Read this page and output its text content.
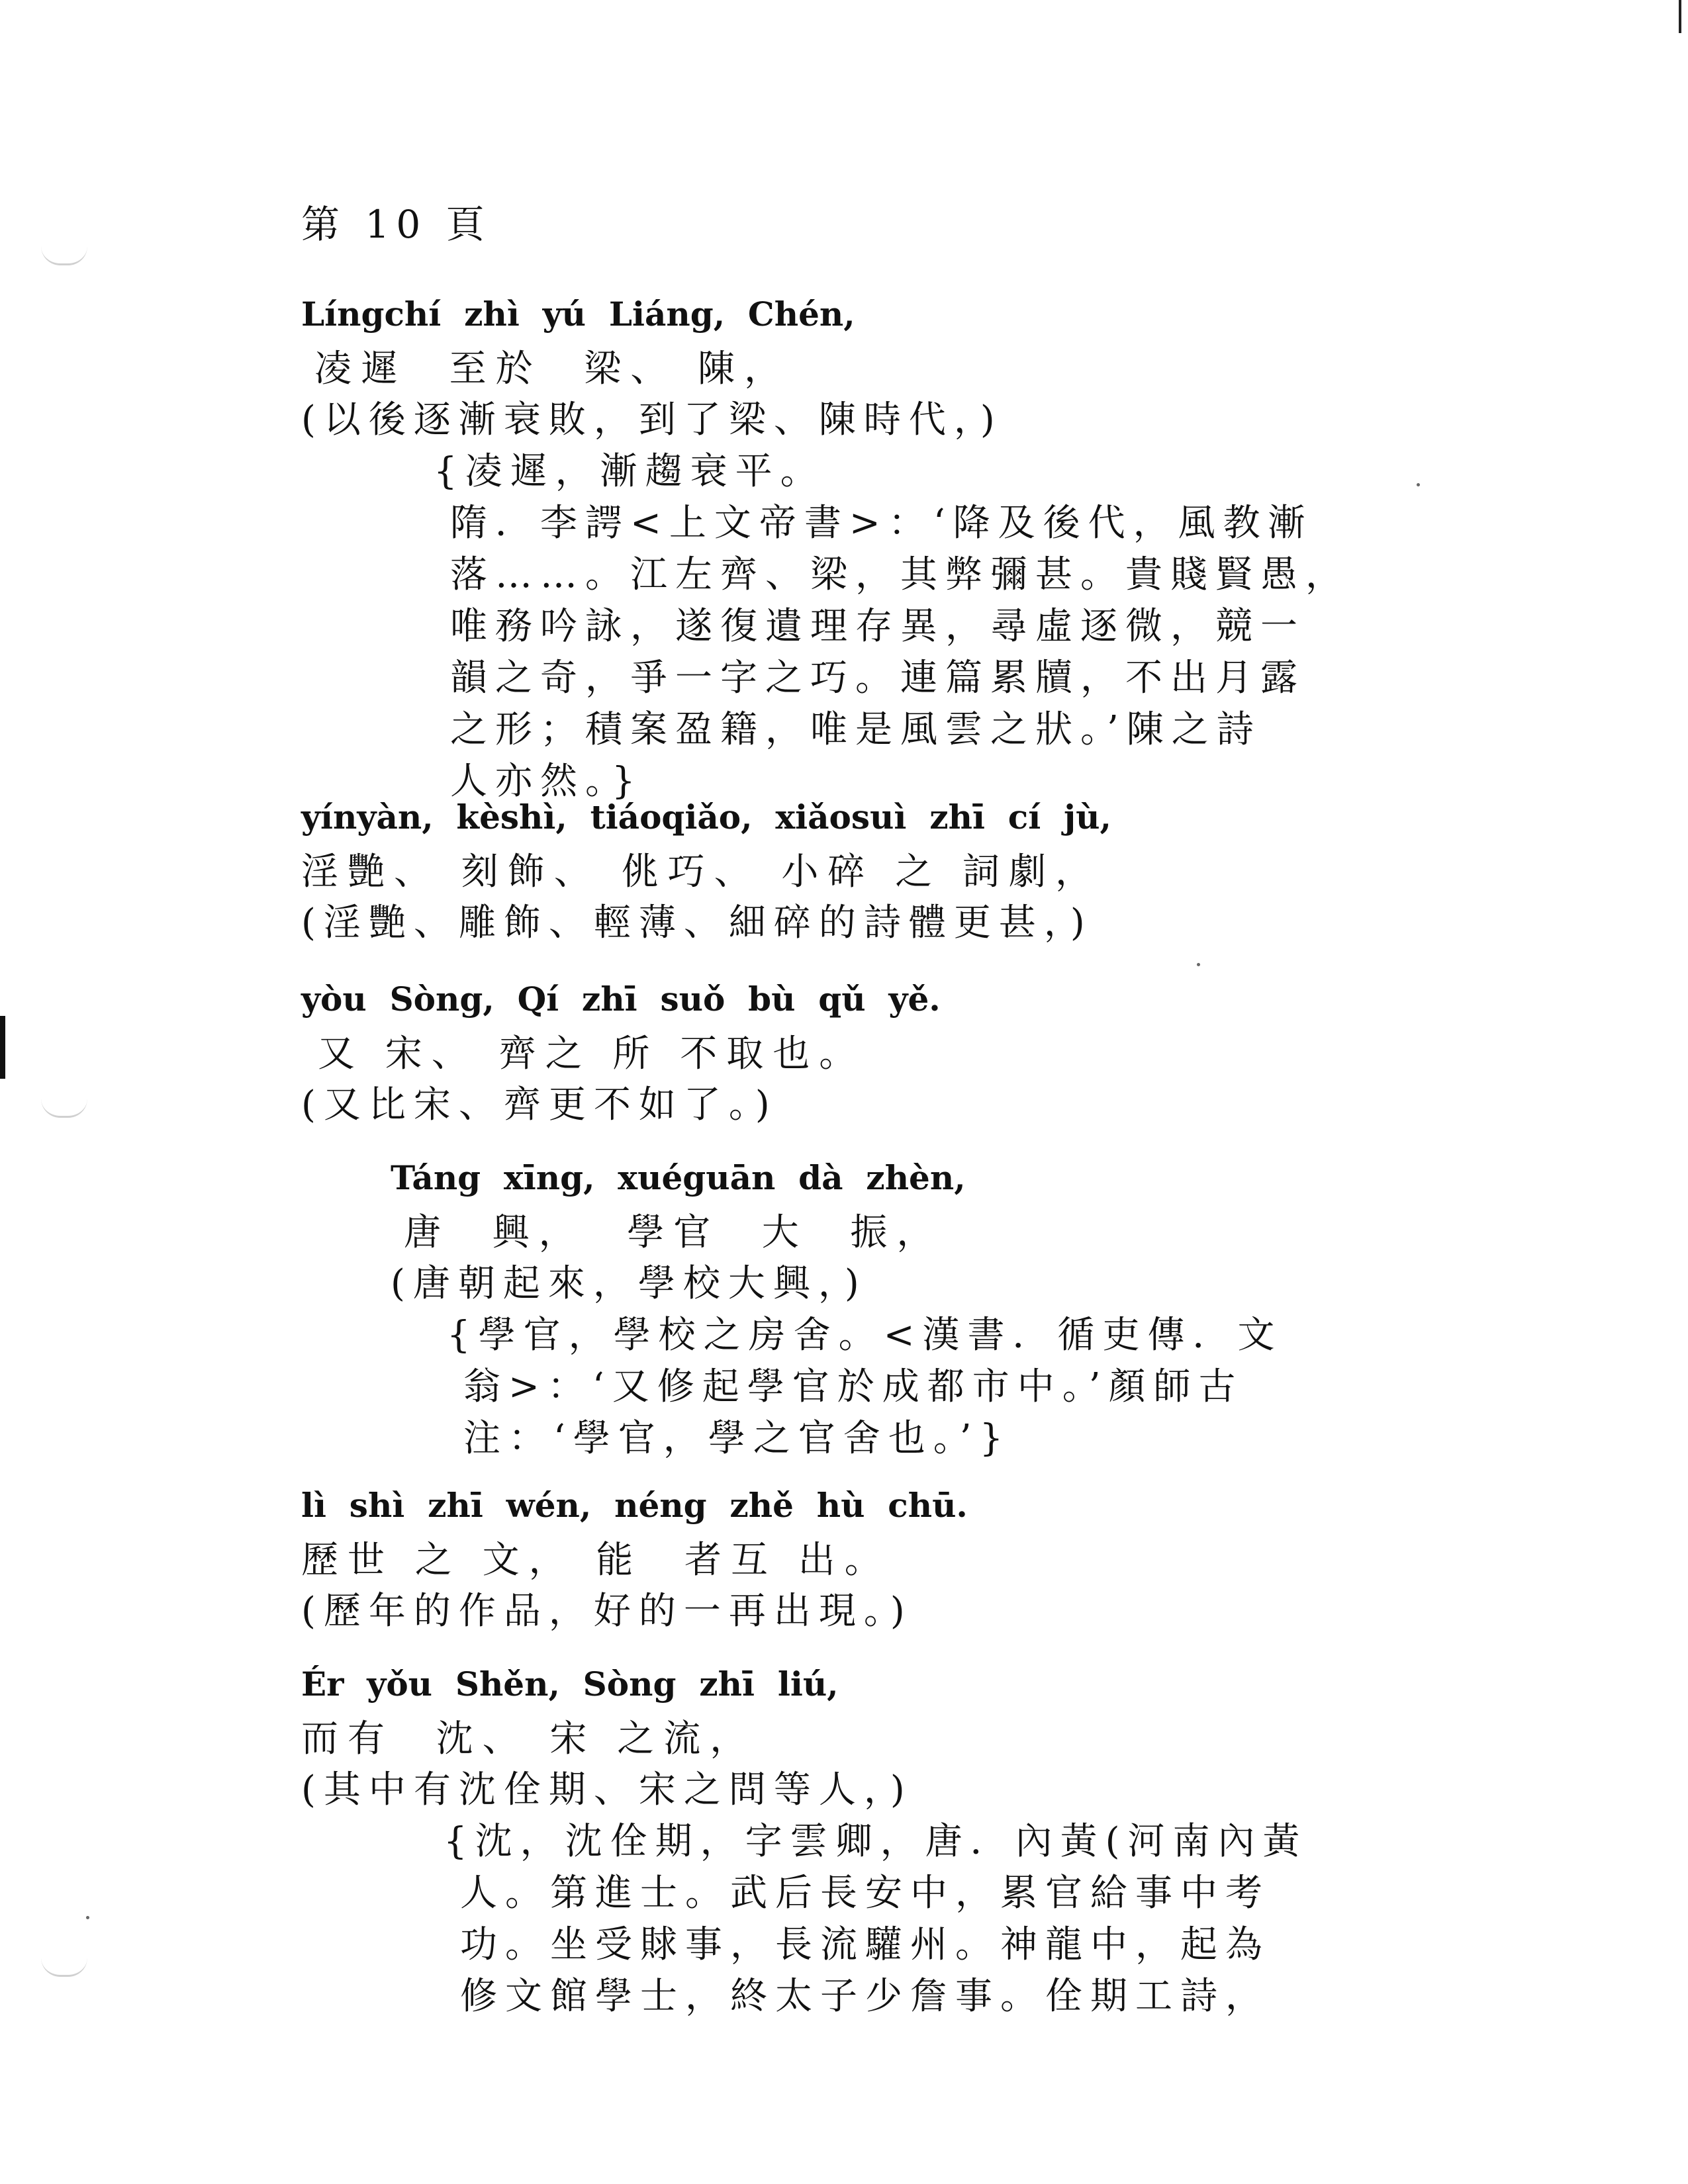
第 10 頁
Língchí  zhì  yú  Liáng,  Chén,
凌遲  至於  梁、 陳，
(以後逐漸衰敗，到了梁、陳時代，)
{凌遲，漸趨衰平。
隋．李諤<上文帝書>：‘降及後代，風教漸
落……。江左齊、梁，其弊彌甚。貴賤賢愚，
唯務吟詠，遂復遺理存異，尋虛逐微，競一
韻之奇，爭一字之巧。連篇累牘，不出月露
之形；積案盈籍，唯是風雲之狀。’陳之詩
人亦然。}
yínyàn,  kèshì,  tiáoqiǎo,  xiǎosuì  zhī  cí  jù,
淫艷、 刻飾、 佻巧、 小碎 之 詞劇，
(淫艷、雕飾、輕薄、細碎的詩體更甚，)
yòu  Sòng,  Qí  zhī  suǒ  bù  qǔ  yě.
又 宋、 齊之 所 不取也。
(又比宋、齊更不如了。)
Táng  xīng,  xuéguān  dà  zhèn,
唐  興，  學官  大  振，
(唐朝起來，學校大興，)
{學官，學校之房舍。<漢書．循吏傳．文
翁>：‘又修起學官於成都市中。’顏師古
注：‘學官，學之官舍也。’}
lì  shì  zhī  wén,  néng  zhě  hù  chū.
歷世 之 文， 能  者互 出。
(歷年的作品，好的一再出現。)
Ér  yǒu  Shěn,  Sòng  zhī  liú,
而有  沈、 宋 之流，
(其中有沈佺期、宋之問等人，)
{沈，沈佺期，字雲卿，唐．內黃(河南內黃
人。第進士。武后長安中，累官給事中考
功。坐受賕事，長流驩州。神龍中，起為
修文館學士，終太子少詹事。佺期工詩，
